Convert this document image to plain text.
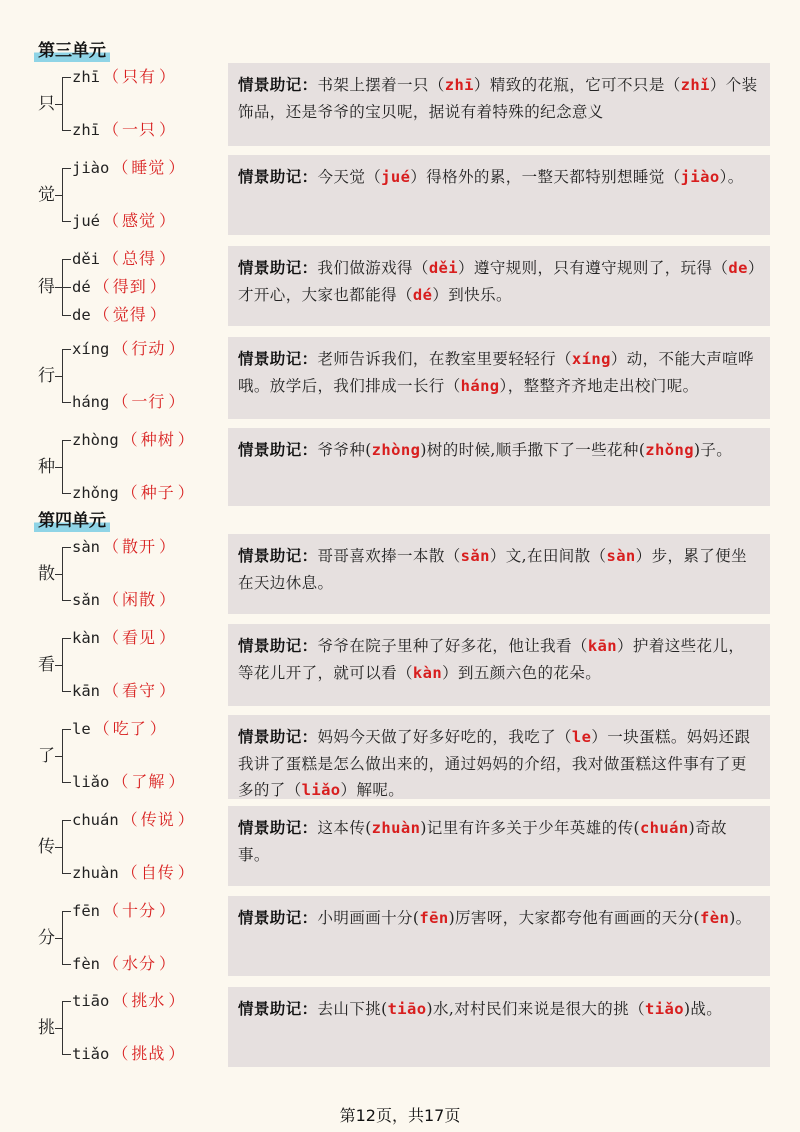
第三单元
第四单元
只
zhī （ 只有 ）
zhī （ 一只 ）
情景助记：书架上摆着一只（zhī）精致的花瓶，它可不只是（zhǐ）个装饰品，还是爷爷的宝贝呢，据说有着特殊的纪念意义
觉
jiào （ 睡觉 ）
jué （ 感觉 ）
情景助记：今天觉（jué）得格外的累，一整天都特别想睡觉（jiào）。
得
děi （ 总得 ）
dé （ 得到 ）
de （ 觉得 ）
情景助记：我们做游戏得（děi）遵守规则，只有遵守规则了，玩得（de）才开心，大家也都能得（dé）到快乐。
行
xíng （ 行动 ）
háng （ 一行 ）
情景助记：老师告诉我们，在教室里要轻轻行（xíng）动，不能大声喧哗哦。放学后，我们排成一长行（háng），整整齐齐地走出校门呢。
种
zhòng （ 种树 ）
zhǒng （ 种子 ）
情景助记：爷爷种(zhòng)树的时候,顺手撒下了一些花种(zhǒng)子。
散
sàn （ 散开 ）
sǎn （ 闲散 ）
情景助记：哥哥喜欢捧一本散（sǎn）文,在田间散（sàn）步，累了便坐在天边休息。
看
kàn （ 看见 ）
kān （ 看守 ）
情景助记：爷爷在院子里种了好多花，他让我看（kān）护着这些花儿，等花儿开了，就可以看（kàn）到五颜六色的花朵。
了
le （ 吃了 ）
liǎo （ 了解 ）
情景助记：妈妈今天做了好多好吃的，我吃了（le）一块蛋糕。妈妈还跟我讲了蛋糕是怎么做出来的，通过妈妈的介绍，我对做蛋糕这件事有了更多的了（liǎo）解呢。
传
chuán （ 传说 ）
zhuàn （ 自传 ）
情景助记：这本传(zhuàn)记里有许多关于少年英雄的传(chuán)奇故事。
分
fēn （ 十分 ）
fèn （ 水分 ）
情景助记：小明画画十分(fēn)厉害呀，大家都夸他有画画的天分(fèn)。
挑
tiāo （ 挑水 ）
tiǎo （ 挑战 ）
情景助记：去山下挑(tiāo)水,对村民们来说是很大的挑（tiǎo)战。
第12页，共17页
